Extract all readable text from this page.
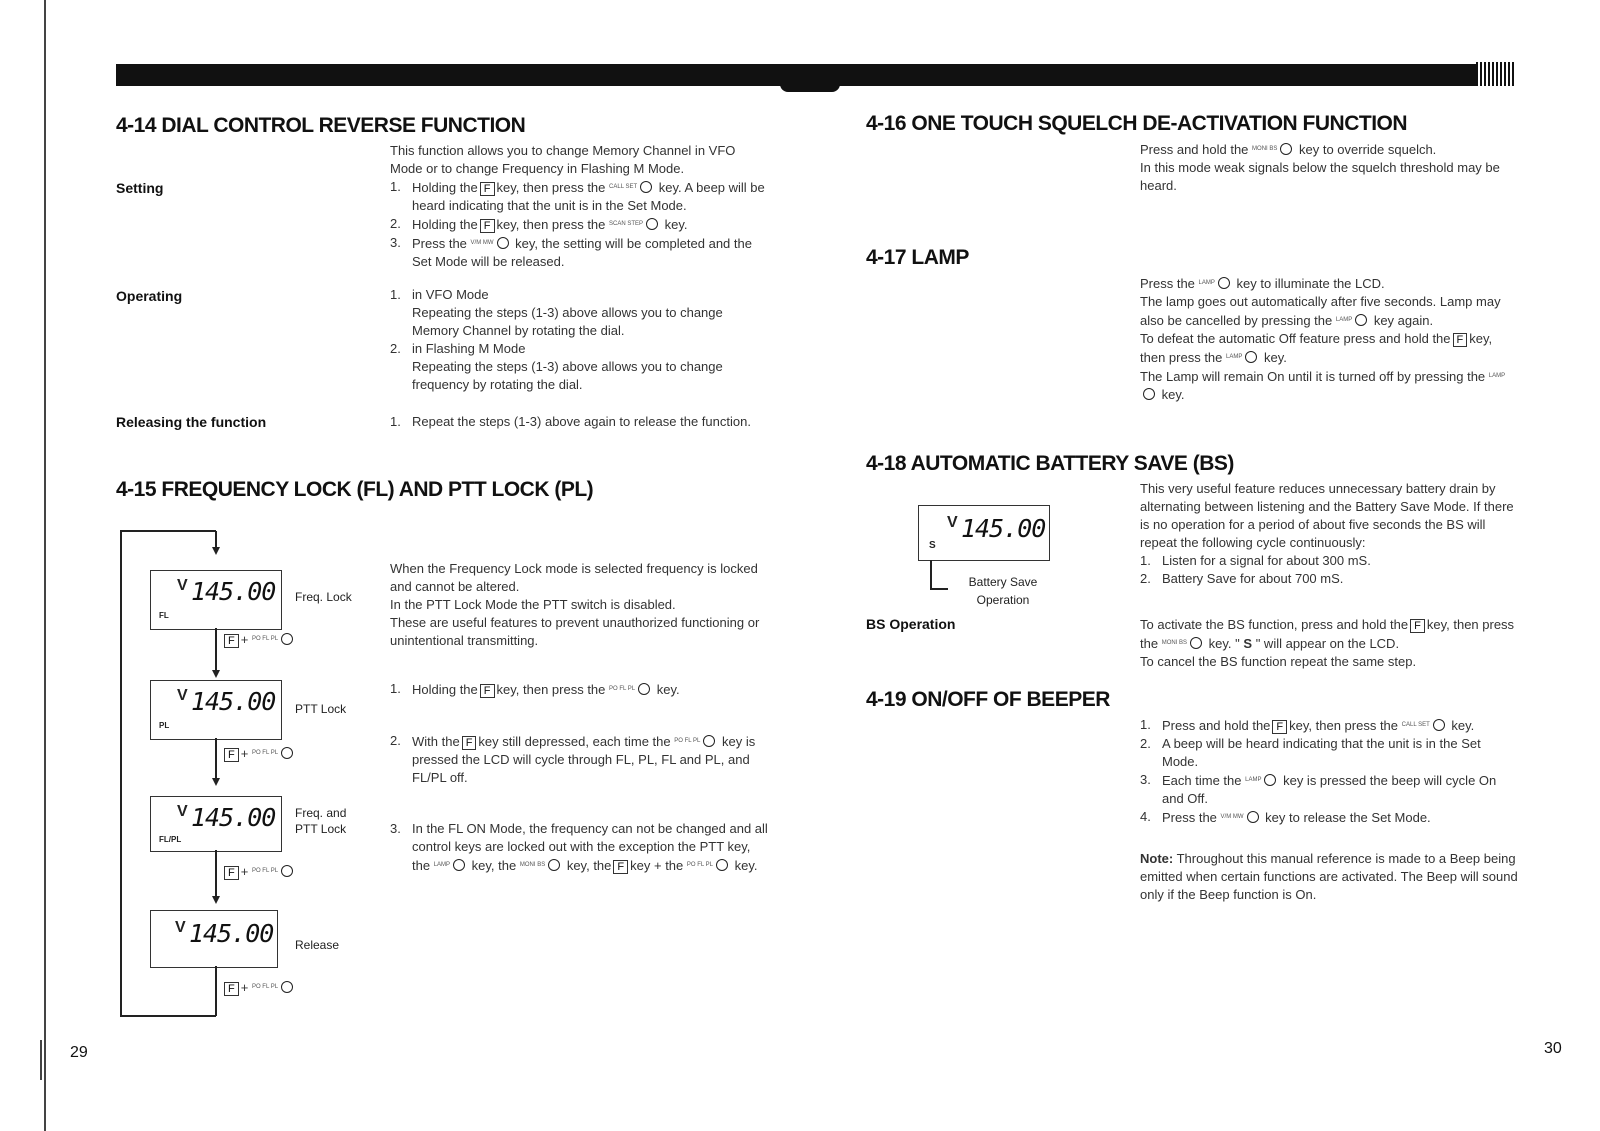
4-14 DIAL CONTROL REVERSE FUNCTION
This function allows you to change Memory Channel in VFO Mode or to change Frequency in Flashing M Mode.
Setting	1. Holding the F key, then press the $^{CALL SET}$ key. A beep will be heard indicating that the unit is in the Set Mode.
2. Holding the F key, then press the $^{SCAN STEP}$ key.
3. Press the $^{V/M MW}$ key, the setting will be completed and the Set Mode will be released.
Operating	1. in VFO Mode
Repeating the steps (1-3) above allows you to change Memory Channel by rotating the dial.
2. in Flashing M Mode
Repeating the steps (1-3) above allows you to change frequency by rotating the dial.
Releasing the function	1. Repeat the steps (1-3) above again to release the function.
4-15 FREQUENCY LOCK (FL) AND PTT LOCK (PL)
V 145.00
FL
Freq. Lock
F + $^{PO FL PL}$
V 145.00
PL
PTT Lock
F + $^{PO FL PL}$
V 145.00
FL/PL
Freq. and PTT Lock
F + $^{PO FL PL}$
V 145.00 Release
F + $^{PO FL PL}$

When the Frequency Lock mode is selected frequency is locked and cannot be altered.

In the PTT Lock Mode the PTT switch is disabled.

These are useful features to prevent unauthorized functioning or unintentional transmitting.

1. Holding the F key, then press the $^{PO FL PL}$ key.
2. With the F key still depressed, each time the $^{PO FL PL}$ key is pressed the LCD will cycle through FL, PL, FL and PL, and FL/PL off.
3. In the FL ON Mode, the frequency can not be changed and all control keys are locked out with the exception the PTT key, the $^{LAMP}$ key, the $^{MONI BS}$ key, the F key + the $^{PO FL PL}$ key.
29
4-16 ONE TOUCH SQUELCH DE-ACTIVATION FUNCTION

Press and hold the $^{MONI BS}$ key to override squelch.

In this mode weak signals below the squelch threshold may be heard.

4-17 LAMP

Press the $^{LAMP}$ key to illuminate the LCD.

The lamp goes out automatically after five seconds. Lamp may also be cancelled by pressing the $^{LAMP}$ key again.

To defeat the automatic Off feature press and hold the F key, then press the $^{LAMP}$ key.

The Lamp will remain On until it is turned off by pressing the $^{LAMP}$ key.

4-18 AUTOMATIC BATTERY SAVE (BS)
S
V 145.00
Battery Save Operation

This very useful feature reduces unnecessary battery drain by alternating between listening and the Battery Save Mode. If there is no operation for a period of about five seconds the BS will repeat the following cycle continuously:

1. Listen for a signal for about 300 mS.
2. Battery Save for about 700 mS.
BS Operation	To activate the BS function, press and hold the F key, then press the $^{MONI BS}$ key. " S " will appear on the LCD.

To cancel the BS function repeat the same step.

4-19 ON/OFF OF BEEPER
1. Press and hold the F key, then press the $^{CALL SET}$ key.
2. A beep will be heard indicating that the unit is in the Set Mode.
3. Each time the $^{LAMP}$ key is pressed the beep will cycle On and Off.
4. Press the $^{V/M MW}$ key to release the Set Mode.
Note: Throughout this manual reference is made to a Beep being emitted when certain functions are activated. The Beep will sound only if the Beep function is On.
30
